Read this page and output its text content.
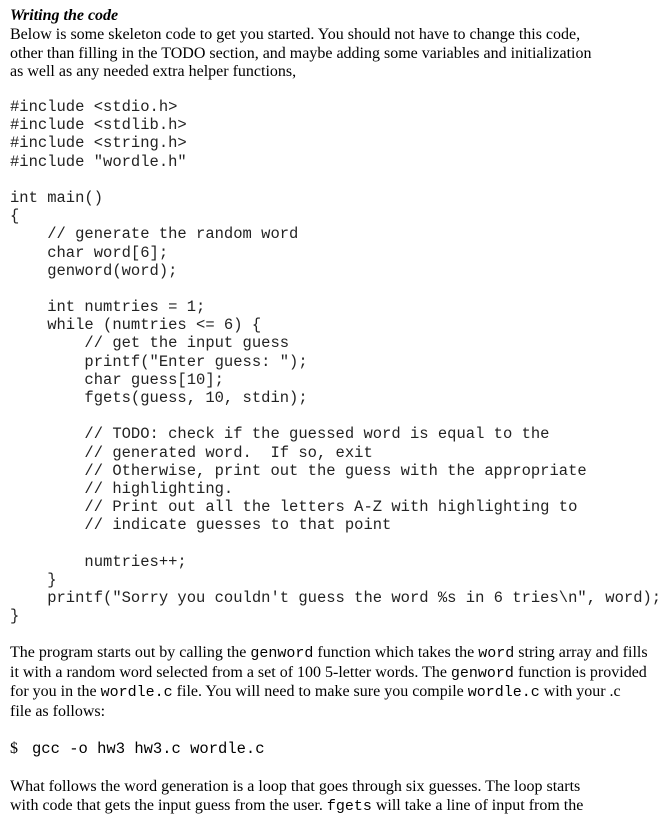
Writing the code
Below is some skeleton code to get you started. You should not have to change this code,
other than filling in the TODO section, and maybe adding some variables and initialization
as well as any needed extra helper functions,
#include <stdio.h>
#include <stdlib.h>
#include <string.h>
#include "wordle.h"
int main()
{
// generate the random word
char word[6];
genword(word);
int numtries = 1;
while (numtries <= 6) {
// get the input guess
printf("Enter guess: ");
char guess[10];
fgets(guess, 10, stdin);
// TODO: check if the guessed word is equal to the
// generated word.  If so, exit
// Otherwise, print out the guess with the appropriate
// highlighting.
// Print out all the letters A-Z with highlighting to
// indicate guesses to that point
numtries++;
}
printf("Sorry you couldn't guess the word %s in 6 tries\n", word);
}
The program starts out by calling the genword function which takes the word string array and fills
it with a random word selected from a set of 100 5-letter words. The genword function is provided
for you in the wordle.c file. You will need to make sure you compile wordle.c with your .c
file as follows:
$ gcc -o hw3 hw3.c wordle.c
What follows the word generation is a loop that goes through six guesses. The loop starts
with code that gets the input guess from the user. fgets will take a line of input from the
